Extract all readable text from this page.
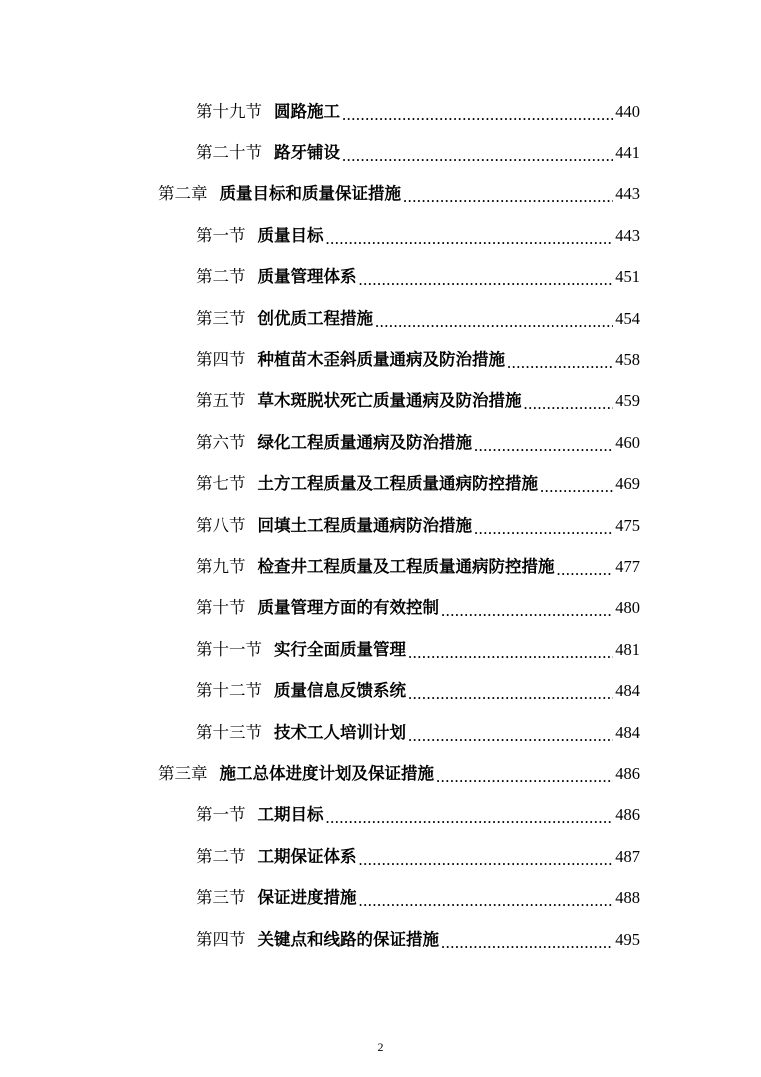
第十九节 圆路施工 .....	440
第二十节 路牙铺设 .....	441
第二章 质量目标和质量保证措施 .....	443
第一节 质量目标 .....	443
第二节 质量管理体系 .....	451
第三节 创优质工程措施 .....	454
第四节 种植苗木歪斜质量通病及防治措施 .....	458
第五节 草木斑脱状死亡质量通病及防治措施 .....	459
第六节 绿化工程质量通病及防治措施 .....	460
第七节 土方工程质量及工程质量通病防控措施 .....	469
第八节 回填土工程质量通病防治措施 .....	475
第九节 检查井工程质量及工程质量通病防控措施 .....	477
第十节 质量管理方面的有效控制 .....	480
第十一节 实行全面质量管理 .....	481
第十二节 质量信息反馈系统 .....	484
第十三节 技术工人培训计划 .....	484
第三章 施工总体进度计划及保证措施 .....	486
第一节 工期目标 .....	486
第二节 工期保证体系 .....	487
第三节 保证进度措施 .....	488
第四节 关键点和线路的保证措施 .....	495
2
